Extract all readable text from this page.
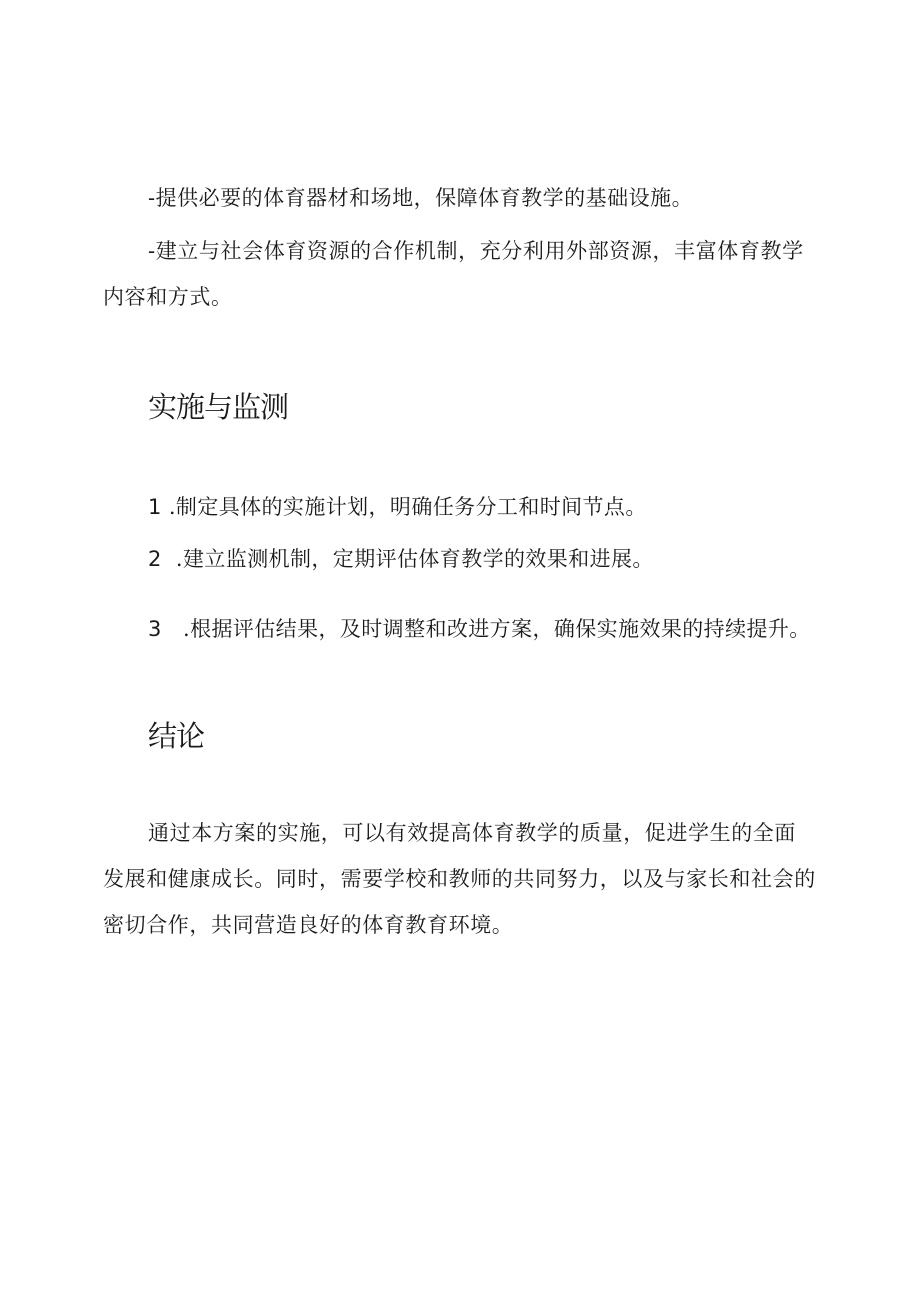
-提供必要的体育器材和场地，保障体育教学的基础设施。
-建立与社会体育资源的合作机制，充分利用外部资源，丰富体育教学
内容和方式。
实施与监测
1 .制定具体的实施计划，明确任务分工和时间节点。
2 .建立监测机制，定期评估体育教学的效果和进展。
3 .根据评估结果，及时调整和改进方案，确保实施效果的持续提升。
结论
通过本方案的实施，可以有效提高体育教学的质量，促进学生的全面
发展和健康成长。同时，需要学校和教师的共同努力，以及与家长和社会的
密切合作，共同营造良好的体育教育环境。
